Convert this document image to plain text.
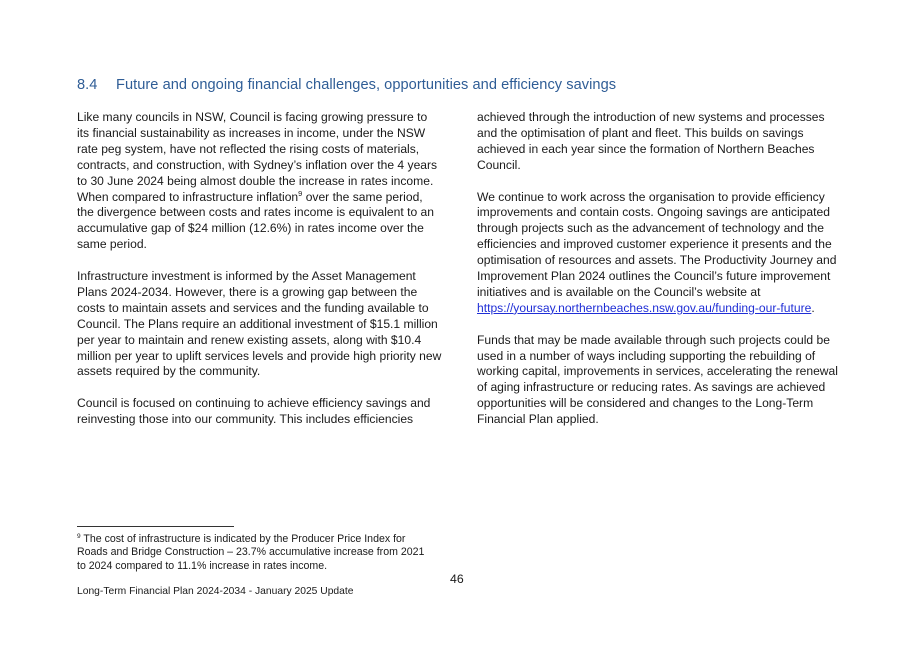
8.4 Future and ongoing financial challenges, opportunities and efficiency savings

Like many councils in NSW, Council is facing growing pressure to
its financial sustainability as increases in income, under the NSW
rate peg system, have not reflected the rising costs of materials,
contracts, and construction, with Sydney’s inflation over the 4 years
to 30 June 2024 being almost double the increase in rates income.
When compared to infrastructure inflation$^9$ over the same period,
the divergence between costs and rates income is equivalent to an
accumulative gap of $24 million (12.6%) in rates income over the
same period.

Infrastructure investment is informed by the Asset Management
Plans 2024-2034. However, there is a growing gap between the
costs to maintain assets and services and the funding available to
Council. The Plans require an additional investment of $15.1 million
per year to maintain and renew existing assets, along with $10.4
million per year to uplift services levels and provide high priority new
assets required by the community.

Council is focused on continuing to achieve efficiency savings and
reinvesting those into our community. This includes efficiencies

achieved through the introduction of new systems and processes
and the optimisation of plant and fleet. This builds on savings
achieved in each year since the formation of Northern Beaches
Council.

We continue to work across the organisation to provide efficiency
improvements and contain costs. Ongoing savings are anticipated
through projects such as the advancement of technology and the
efficiencies and improved customer experience it presents and the
optimisation of resources and assets. The Productivity Journey and
Improvement Plan 2024 outlines the Council’s future improvement
initiatives and is available on the Council’s website at
https://yoursay.northernbeaches.nsw.gov.au/funding-our-future.

Funds that may be made available through such projects could be
used in a number of ways including supporting the rebuilding of
working capital, improvements in services, accelerating the renewal
of aging infrastructure or reducing rates. As savings are achieved
opportunities will be considered and changes to the Long-Term
Financial Plan applied.

$^9$ The cost of infrastructure is indicated by the Producer Price Index for
Roads and Bridge Construction – 23.7% accumulative increase from 2021
to 2024 compared to 11.1% increase in rates income.
46
Long-Term Financial Plan 2024-2034 - January 2025 Update
